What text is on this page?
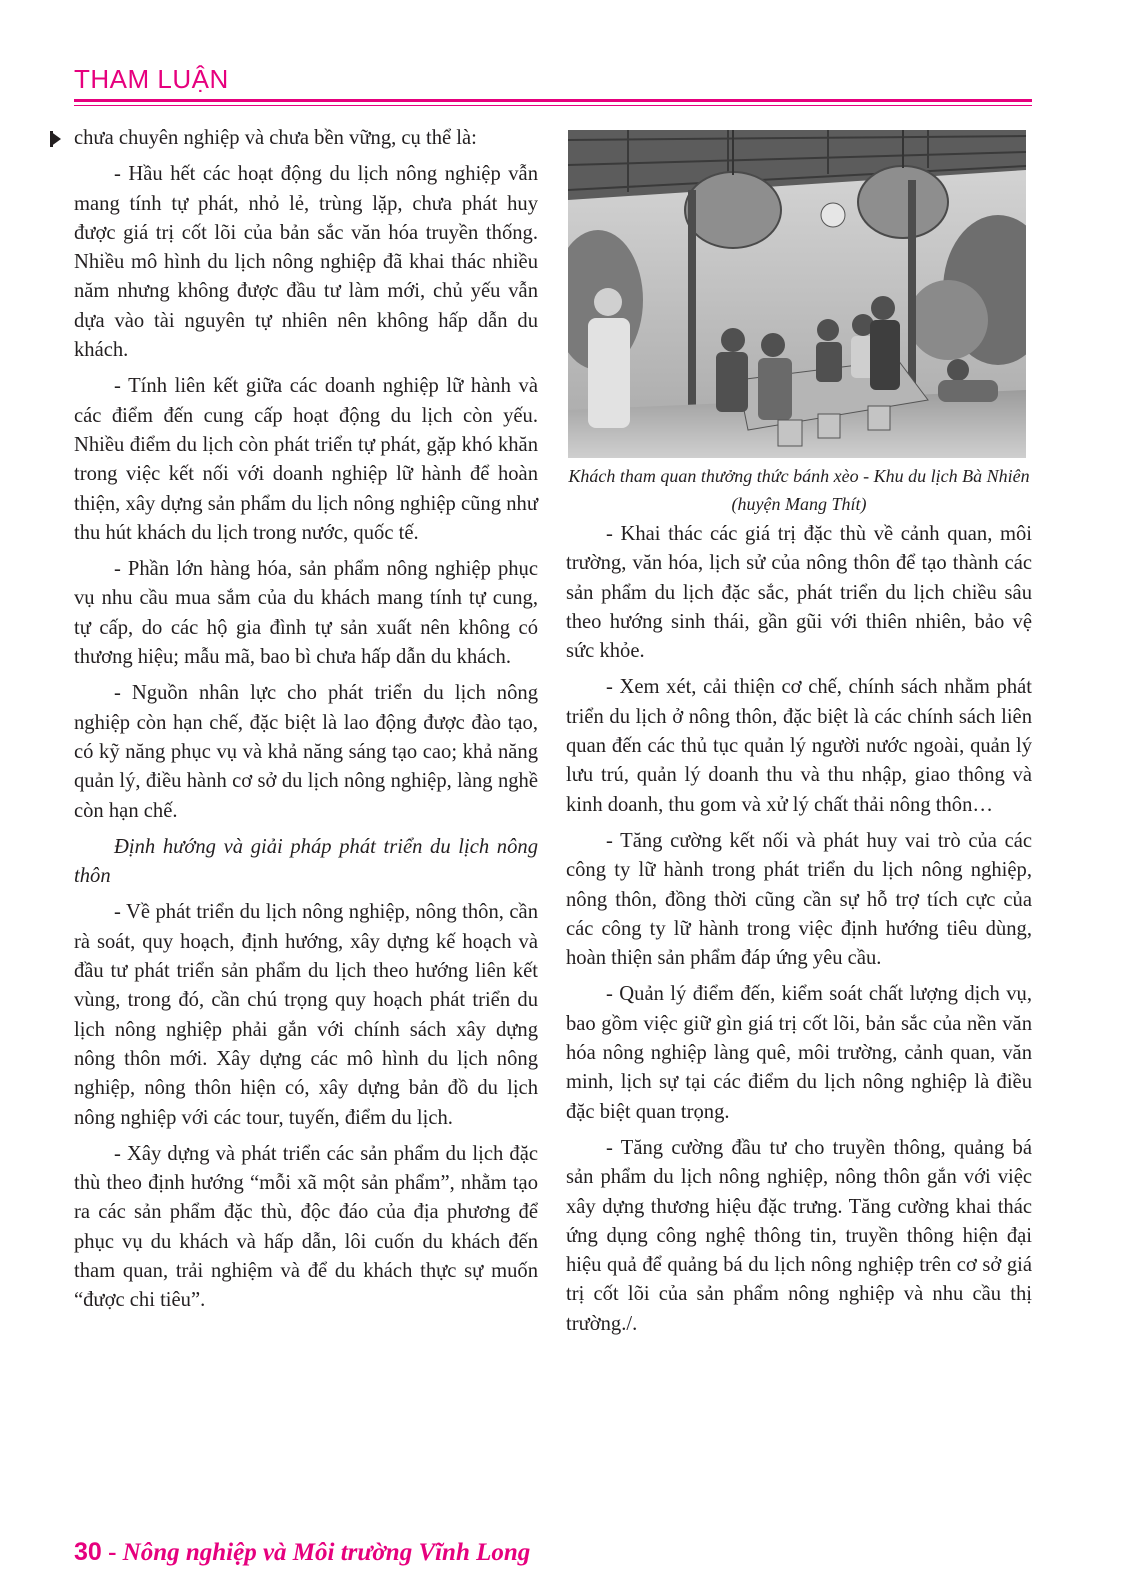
THAM LUẬN

chưa chuyên nghiệp và chưa bền vững, cụ thể là:

- Hầu hết các hoạt động du lịch nông nghiệp vẫn mang tính tự phát, nhỏ lẻ, trùng lặp, chưa phát huy được giá trị cốt lõi của bản sắc văn hóa truyền thống. Nhiều mô hình du lịch nông nghiệp đã khai thác nhiều năm nhưng không được đầu tư làm mới, chủ yếu vẫn dựa vào tài nguyên tự nhiên nên không hấp dẫn du khách.

- Tính liên kết giữa các doanh nghiệp lữ hành và các điểm đến cung cấp hoạt động du lịch còn yếu. Nhiều điểm du lịch còn phát triển tự phát, gặp khó khăn trong việc kết nối với doanh nghiệp lữ hành để hoàn thiện, xây dựng sản phẩm du lịch nông nghiệp cũng như thu hút khách du lịch trong nước, quốc tế.

- Phần lớn hàng hóa, sản phẩm nông nghiệp phục vụ nhu cầu mua sắm của du khách mang tính tự cung, tự cấp, do các hộ gia đình tự sản xuất nên không có thương hiệu; mẫu mã, bao bì chưa hấp dẫn du khách.

- Nguồn nhân lực cho phát triển du lịch nông nghiệp còn hạn chế, đặc biệt là lao động được đào tạo, có kỹ năng phục vụ và khả năng sáng tạo cao; khả năng quản lý, điều hành cơ sở du lịch nông nghiệp, làng nghề còn hạn chế.

Định hướng và giải pháp phát triển du lịch nông thôn

- Về phát triển du lịch nông nghiệp, nông thôn, cần rà soát, quy hoạch, định hướng, xây dựng kế hoạch và đầu tư phát triển sản phẩm du lịch theo hướng liên kết vùng, trong đó, cần chú trọng quy hoạch phát triển du lịch nông nghiệp phải gắn với chính sách xây dựng nông thôn mới. Xây dựng các mô hình du lịch nông nghiệp, nông thôn hiện có, xây dựng bản đồ du lịch nông nghiệp với các tour, tuyến, điểm du lịch.

- Xây dựng và phát triển các sản phẩm du lịch đặc thù theo định hướng “mỗi xã một sản phẩm”, nhằm tạo ra các sản phẩm đặc thù, độc đáo của địa phương để phục vụ du khách và hấp dẫn, lôi cuốn du khách đến tham quan, trải nghiệm và để du khách thực sự muốn “được chi tiêu”.

Khách tham quan thưởng thức bánh xèo - Khu du lịch Bà Nhiên (huyện Mang Thít)

- Khai thác các giá trị đặc thù về cảnh quan, môi trường, văn hóa, lịch sử của nông thôn để tạo thành các sản phẩm du lịch đặc sắc, phát triển du lịch chiều sâu theo hướng sinh thái, gần gũi với thiên nhiên, bảo vệ sức khỏe.

- Xem xét, cải thiện cơ chế, chính sách nhằm phát triển du lịch ở nông thôn, đặc biệt là các chính sách liên quan đến các thủ tục quản lý người nước ngoài, quản lý lưu trú, quản lý doanh thu và thu nhập, giao thông và kinh doanh, thu gom và xử lý chất thải nông thôn…

- Tăng cường kết nối và phát huy vai trò của các công ty lữ hành trong phát triển du lịch nông nghiệp, nông thôn, đồng thời cũng cần sự hỗ trợ tích cực của các công ty lữ hành trong việc định hướng tiêu dùng, hoàn thiện sản phẩm đáp ứng yêu cầu.

- Quản lý điểm đến, kiểm soát chất lượng dịch vụ, bao gồm việc giữ gìn giá trị cốt lõi, bản sắc của nền văn hóa nông nghiệp làng quê, môi trường, cảnh quan, văn minh, lịch sự tại các điểm du lịch nông nghiệp là điều đặc biệt quan trọng.

- Tăng cường đầu tư cho truyền thông, quảng bá sản phẩm du lịch nông nghiệp, nông thôn gắn với việc xây dựng thương hiệu đặc trưng. Tăng cường khai thác ứng dụng công nghệ thông tin, truyền thông hiện đại hiệu quả để quảng bá du lịch nông nghiệp trên cơ sở giá trị cốt lõi của sản phẩm nông nghiệp và nhu cầu thị trường./.

30 - Nông nghiệp và Môi trường Vĩnh Long
